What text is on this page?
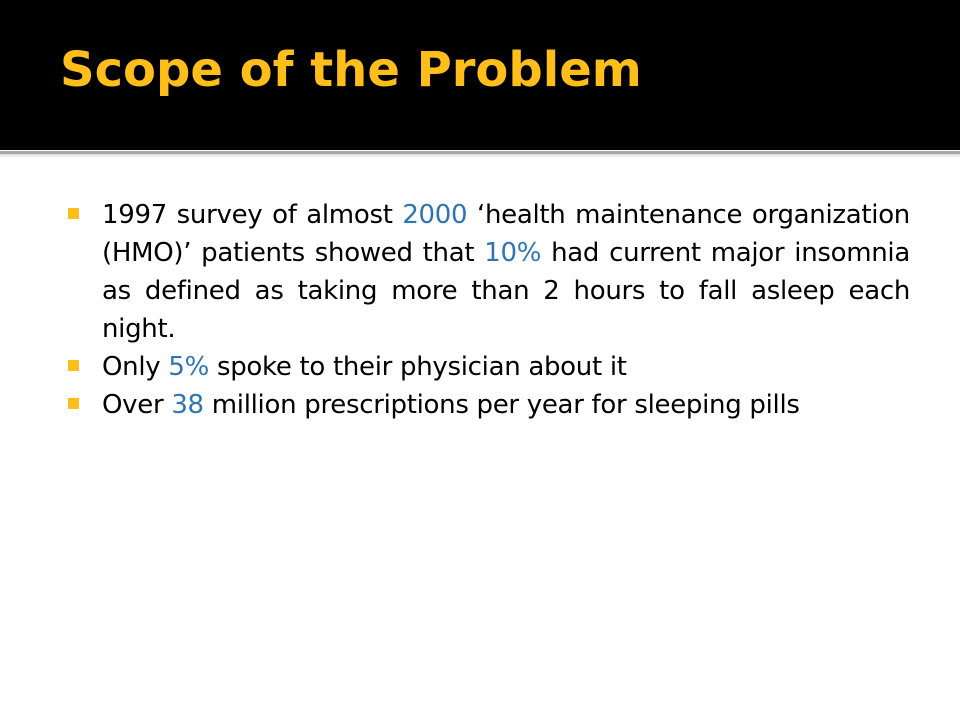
Scope of the Problem
1997 survey of almost 2000 ‘health maintenance organization (HMO)’ patients showed that 10% had current major insomnia as defined as taking more than 2 hours to fall asleep each night.
Only 5% spoke to their physician about it
Over 38 million prescriptions per year for sleeping pills
